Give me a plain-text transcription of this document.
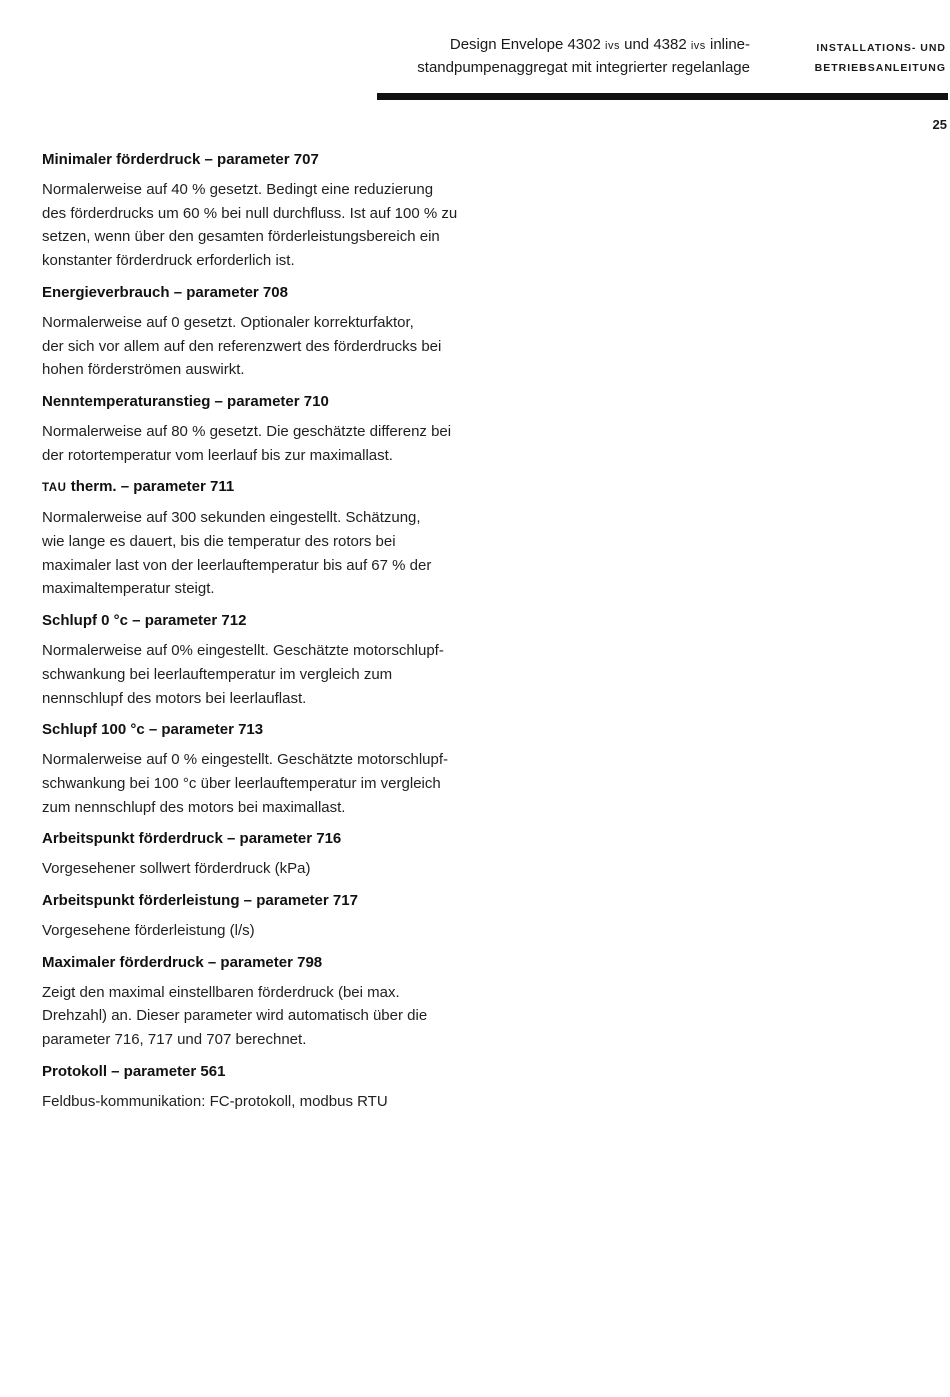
Design Envelope 4302 ivs und 4382 ivs inline-
standpumpenaggregat mit integrierter regelanlage
INSTALLATIONS- UND
BETRIEBSANLEITUNG
25
Minimaler förderdruck – parameter 707

Normalerweise auf 40 % gesetzt. Bedingt eine reduzierung
des förderdrucks um 60 % bei null durchfluss. Ist auf 100 % zu
setzen, wenn über den gesamten förderleistungsbereich ein
konstanter förderdruck erforderlich ist.

Energieverbrauch – parameter 708

Normalerweise auf 0 gesetzt. Optionaler korrekturfaktor,
der sich vor allem auf den referenzwert des förderdrucks bei
hohen förderströmen auswirkt.

Nenntemperaturanstieg – parameter 710

Normalerweise auf 80 % gesetzt. Die geschätzte differenz bei
der rotortemperatur vom leerlauf bis zur maximallast.

TAU therm. – parameter 711

Normalerweise auf 300 sekunden eingestellt. Schätzung,
wie lange es dauert, bis die temperatur des rotors bei
maximaler last von der leerlauftemperatur bis auf 67 % der
maximaltemperatur steigt.

Schlupf 0 °c – parameter 712

Normalerweise auf 0% eingestellt. Geschätzte motorschlupf-
schwankung bei leerlauftemperatur im vergleich zum
nennschlupf des motors bei leerlauflast.

Schlupf 100 °c – parameter 713

Normalerweise auf 0 % eingestellt. Geschätzte motorschlupf-
schwankung bei 100 °c über leerlauftemperatur im vergleich
zum nennschlupf des motors bei maximallast.

Arbeitspunkt förderdruck – parameter 716

Vorgesehener sollwert förderdruck (kPa)

Arbeitspunkt förderleistung – parameter 717

Vorgesehene förderleistung (l/s)

Maximaler förderdruck – parameter 798

Zeigt den maximal einstellbaren förderdruck (bei max.
Drehzahl) an. Dieser parameter wird automatisch über die
parameter 716, 717 und 707 berechnet.

Protokoll – parameter 561

Feldbus-kommunikation: FC-protokoll, modbus RTU
